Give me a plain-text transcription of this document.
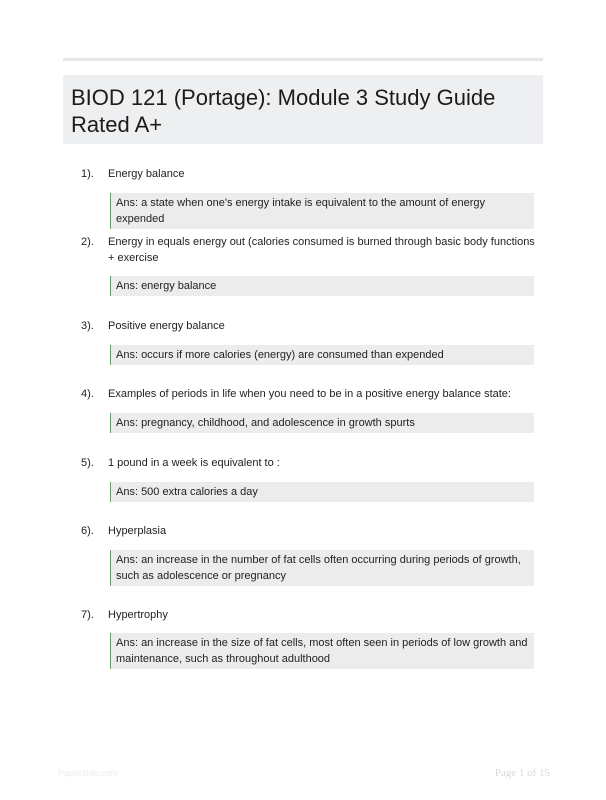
BIOD 121 (Portage): Module 3 Study Guide Rated A+
1). Energy balance
Ans: a state when one's energy intake is equivalent to the amount of energy expended
2). Energy in equals energy out (calories consumed is burned through basic body functions + exercise
Ans: energy balance
3). Positive energy balance
Ans: occurs if more calories (energy) are consumed than expended
4). Examples of periods in life when you need to be in a positive energy balance state:
Ans: pregnancy, childhood, and adolescence in growth spurts
5). 1 pound in a week is equivalent to :
Ans: 500 extra calories a day
6). Hyperplasia
Ans: an increase in the number of fat cells often occurring during periods of growth, such as adolescence or pregnancy
7). Hypertrophy
Ans: an increase in the size of fat cells, most often seen in periods of low growth and maintenance, such as throughout adulthood
Papertible.com	Page 1 of 15
